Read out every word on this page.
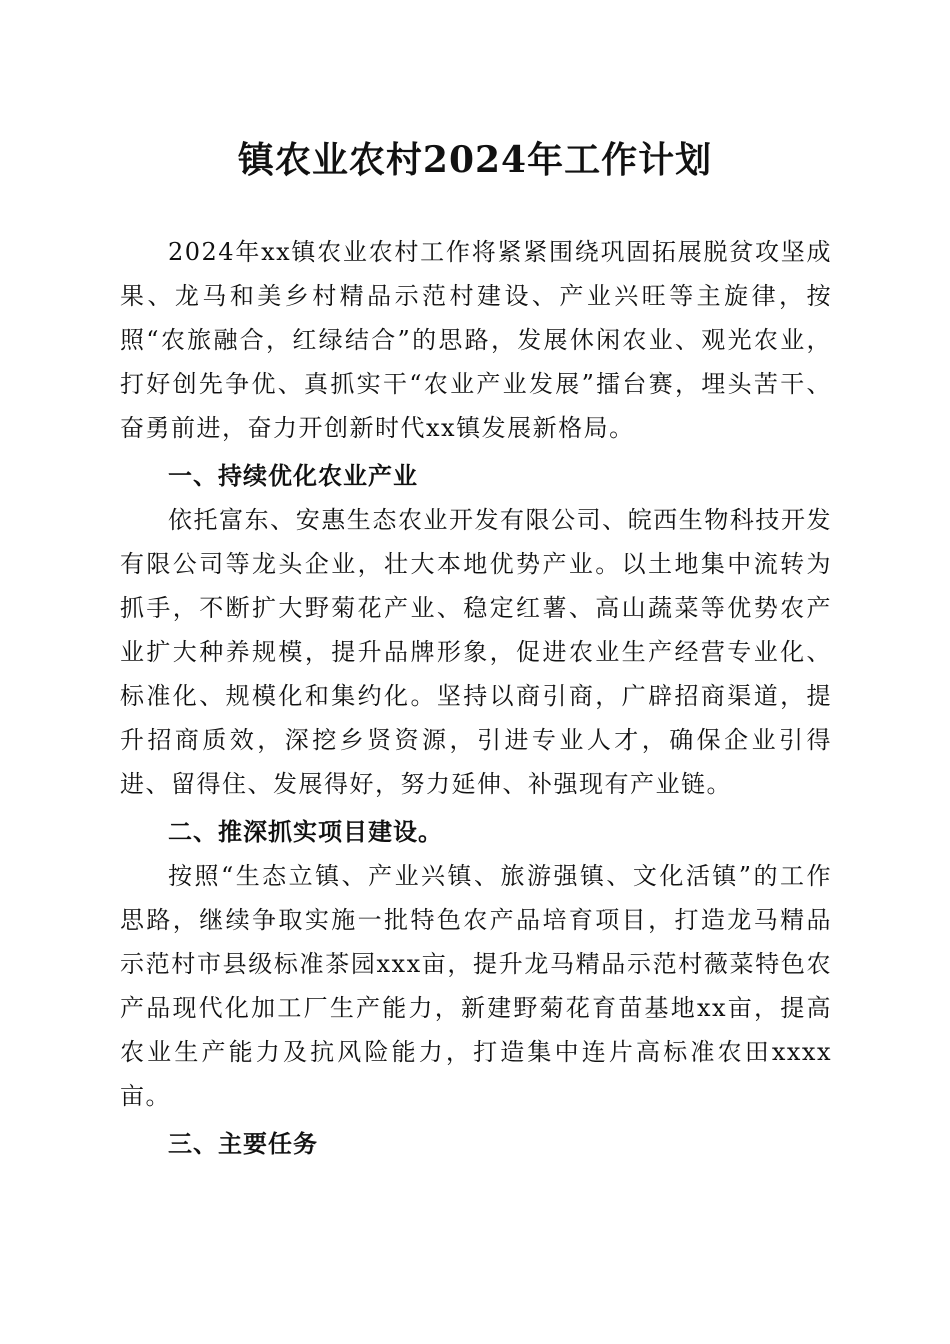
镇农业农村2024年工作计划

2024年xx镇农业农村工作将紧紧围绕巩固拓展脱贫攻坚成果、龙马和美乡村精品示范村建设、产业兴旺等主旋律，按照“农旅融合，红绿结合”的思路，发展休闲农业、观光农业，打好创先争优、真抓实干“农业产业发展”擂台赛，埋头苦干、奋勇前进，奋力开创新时代xx镇发展新格局。

一、持续优化农业产业

依托富东、安惠生态农业开发有限公司、皖西生物科技开发有限公司等龙头企业，壮大本地优势产业。以土地集中流转为抓手，不断扩大野菊花产业、稳定红薯、高山蔬菜等优势农产业扩大种养规模，提升品牌形象，促进农业生产经营专业化、标准化、规模化和集约化。坚持以商引商，广辟招商渠道，提升招商质效，深挖乡贤资源，引进专业人才，确保企业引得进、留得住、发展得好，努力延伸、补强现有产业链。

二、推深抓实项目建设。

按照“生态立镇、产业兴镇、旅游强镇、文化活镇”的工作思路，继续争取实施一批特色农产品培育项目，打造龙马精品示范村市县级标准茶园xxx亩，提升龙马精品示范村薇菜特色农产品现代化加工厂生产能力，新建野菊花育苗基地xx亩，提高农业生产能力及抗风险能力，打造集中连片高标准农田xxxx亩。

三、主要任务
